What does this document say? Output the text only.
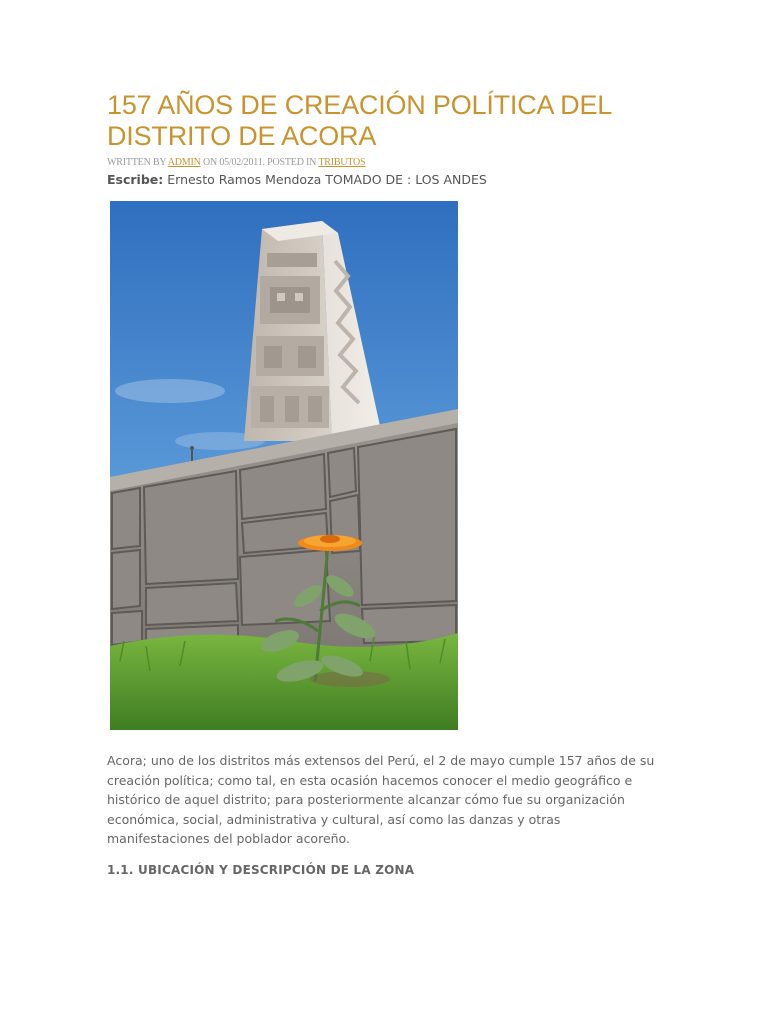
157 AÑOS DE CREACIÓN POLÍTICA DEL DISTRITO DE ACORA
WRITTEN BY ADMIN ON 05/02/2011. POSTED IN TRIBUTOS
Escribe: Ernesto Ramos Mendoza TOMADO DE : LOS ANDES

Acora; uno de los distritos más extensos del Perú, el 2 de mayo cumple 157 años de su creación política; como tal, en esta ocasión hacemos conocer el medio geográfico e histórico de aquel distrito; para posteriormente alcanzar cómo fue su organización económica, social, administrativa y cultural, así como las danzas y otras manifestaciones del poblador acoreño.

1.1. UBICACIÓN Y DESCRIPCIÓN DE LA ZONA
